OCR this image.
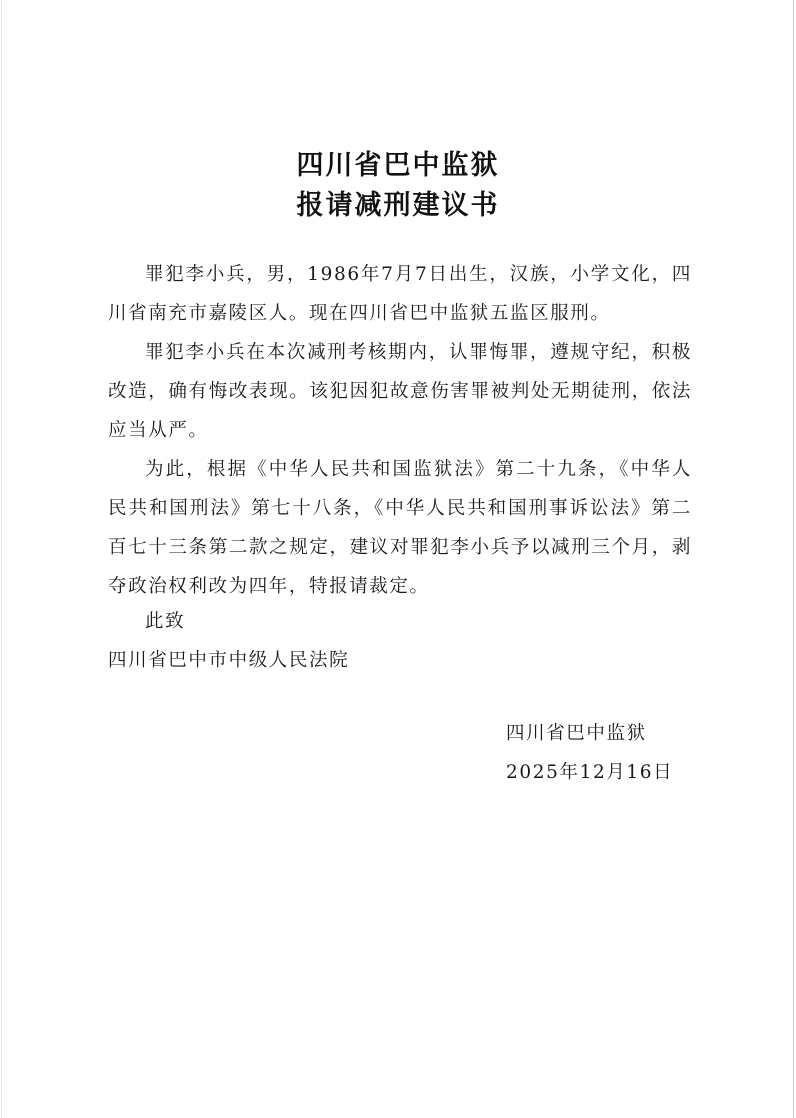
四川省巴中监狱
报请减刑建议书

罪犯李小兵，男，1986年7月7日出生，汉族，小学文化，四川省南充市嘉陵区人。现在四川省巴中监狱五监区服刑。

罪犯李小兵在本次减刑考核期内，认罪悔罪，遵规守纪，积极改造，确有悔改表现。该犯因犯故意伤害罪被判处无期徒刑，依法应当从严。

为此，根据《中华人民共和国监狱法》第二十九条，《中华人民共和国刑法》第七十八条，《中华人民共和国刑事诉讼法》第二百七十三条第二款之规定，建议对罪犯李小兵予以减刑三个月，剥夺政治权利改为四年，特报请裁定。

此致
四川省巴中市中级人民法院
四川省巴中监狱
2025年12月16日
